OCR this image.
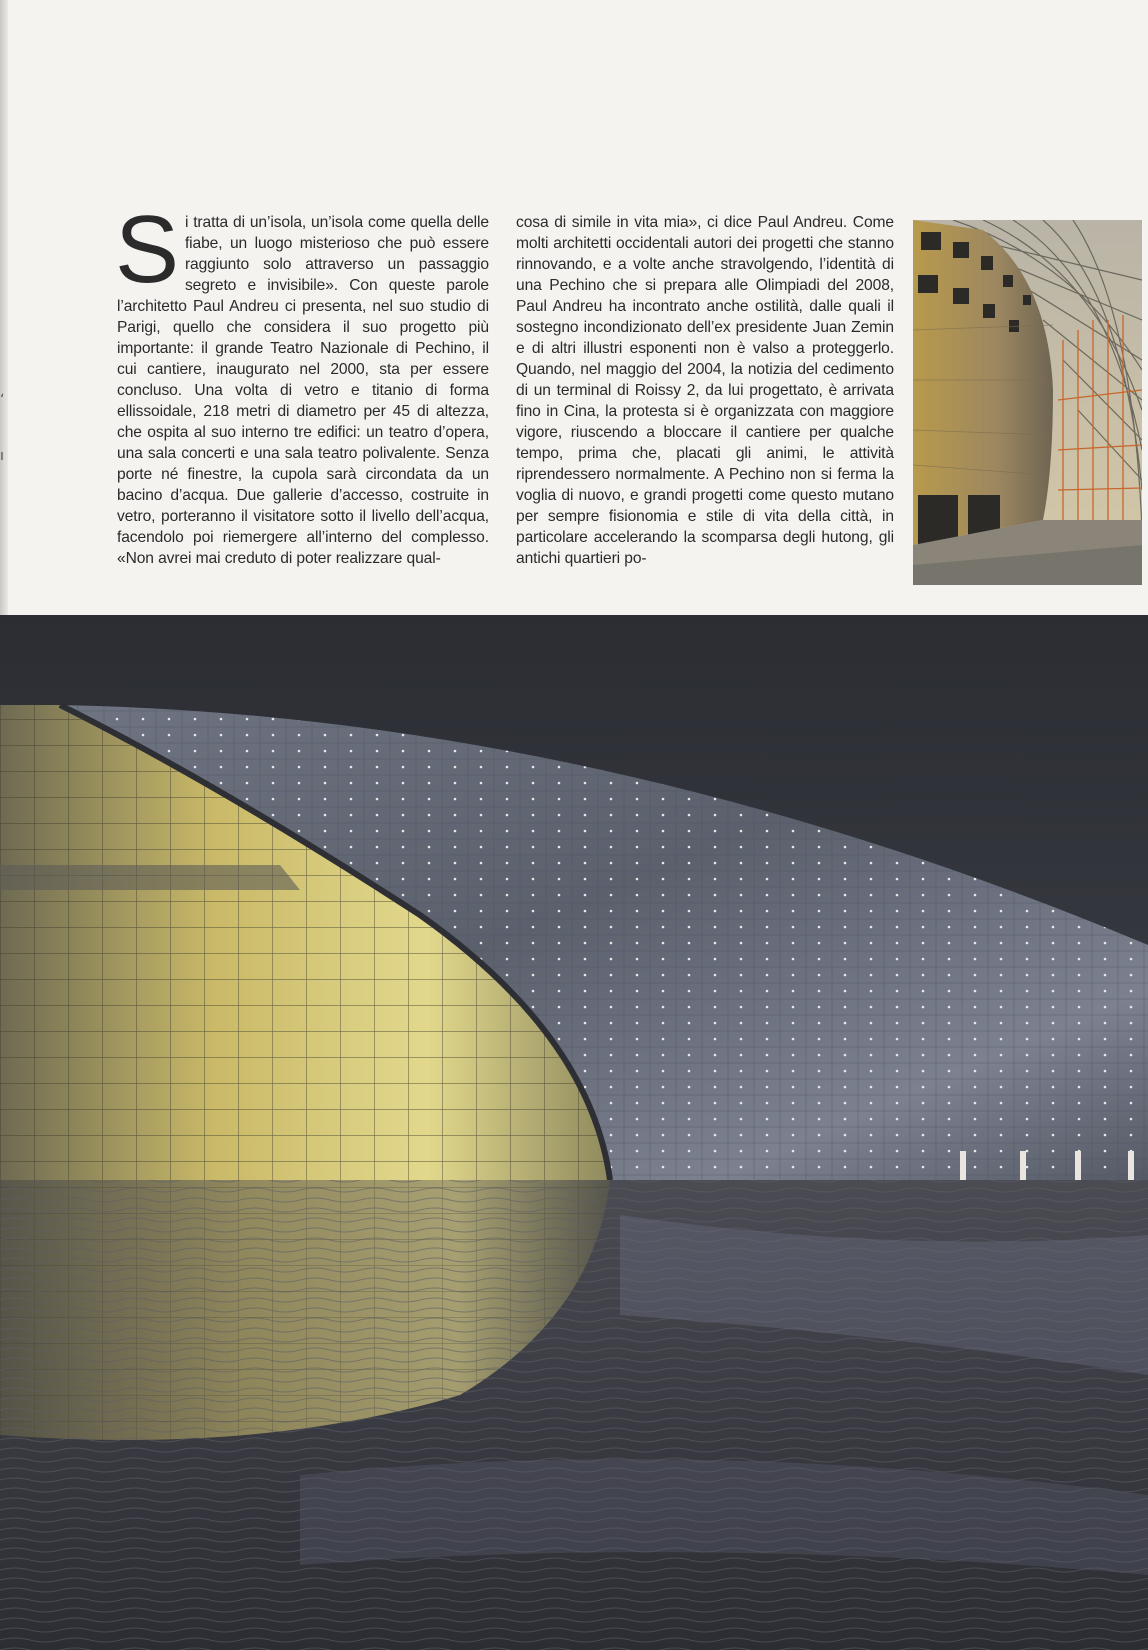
S i tratta di un’isola, un’isola come quella delle fiabe, un luogo misterioso che può essere raggiunto solo attraverso un passaggio segreto e invisibile». Con queste parole l’architetto Paul Andreu ci presenta, nel suo studio di Parigi, quello che considera il suo progetto più importante: il grande Teatro Nazionale di Pechino, il cui cantiere, inaugurato nel 2000, sta per essere concluso. Una volta di vetro e titanio di forma ellissoidale, 218 metri di diametro per 45 di altezza, che ospita al suo interno tre edifici: un teatro d’opera, una sala concerti e una sala teatro polivalente. Senza porte né finestre, la cupola sarà circondata da un bacino d’acqua. Due gallerie d’accesso, costruite in vetro, porteranno il visitatore sotto il livello dell’acqua, facendolo poi riemergere all’interno del complesso. «Non avrei mai creduto di poter realizzare qual-

cosa di simile in vita mia», ci dice Paul Andreu. Come molti architetti occidentali autori dei progetti che stanno rinnovando, e a volte anche stravolgendo, l’identità di una Pechino che si prepara alle Olimpiadi del 2008, Paul Andreu ha incontrato anche ostilità, dalle quali il sostegno incondizionato dell’ex presidente Juan Zemin e di altri illustri esponenti non è valso a proteggerlo. Quando, nel maggio del 2004, la notizia del cedimento di un terminal di Roissy 2, da lui progettato, è arrivata fino in Cina, la protesta si è organizzata con maggiore vigore, riuscendo a bloccare il cantiere per qualche tempo, prima che, placati gli animi, le attività riprendessero normalmente. A Pechino non si ferma la voglia di nuovo, e grandi progetti come questo mutano per sempre fisionomia e stile di vita della città, in particolare accelerando la scomparsa degli hutong, gli antichi quartieri po-

ʻ
ı
